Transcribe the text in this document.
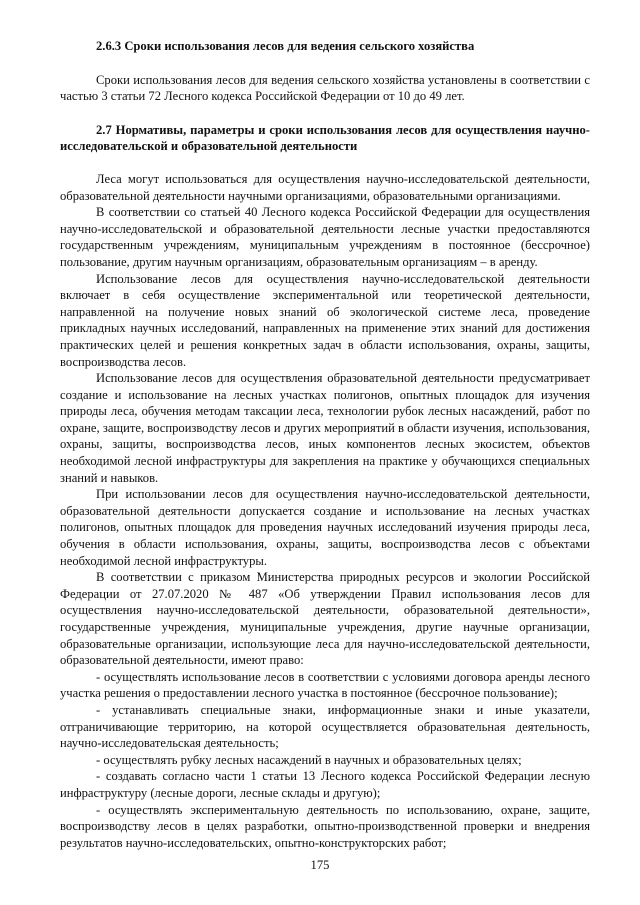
2.6.3 Сроки использования лесов для ведения сельского хозяйства

Сроки использования лесов для ведения сельского хозяйства установлены в соответствии с частью 3 статьи 72 Лесного кодекса Российской Федерации от 10 до 49 лет.

2.7 Нормативы, параметры и сроки использования лесов для осуществления научно-исследовательской и образовательной деятельности

Леса могут использоваться для осуществления научно-исследовательской деятельности, образовательной деятельности научными организациями, образовательными организациями.

В соответствии со статьей 40 Лесного кодекса Российской Федерации для осуществления научно-исследовательской и образовательной деятельности лесные участки предоставляются государственным учреждениям, муниципальным учреждениям в постоянное (бессрочное) пользование, другим научным организациям, образовательным организациям – в аренду.

Использование лесов для осуществления научно-исследовательской деятельности включает в себя осуществление экспериментальной или теоретической деятельности, направленной на получение новых знаний об экологической системе леса, проведение прикладных научных исследований, направленных на применение этих знаний для достижения практических целей и решения конкретных задач в области использования, охраны, защиты, воспроизводства лесов.

Использование лесов для осуществления образовательной деятельности предусматривает создание и использование на лесных участках полигонов, опытных площадок для изучения природы леса, обучения методам таксации леса, технологии рубок лесных насаждений, работ по охране, защите, воспроизводству лесов и других мероприятий в области изучения, использования, охраны, защиты, воспроизводства лесов, иных компонентов лесных экосистем, объектов необходимой лесной инфраструктуры для закрепления на практике у обучающихся специальных знаний и навыков.

При использовании лесов для осуществления научно-исследовательской деятельности, образовательной деятельности допускается создание и использование на лесных участках полигонов, опытных площадок для проведения научных исследований изучения природы леса, обучения в области использования, охраны, защиты, воспроизводства лесов с объектами необходимой лесной инфраструктуры.

В соответствии с приказом Министерства природных ресурсов и экологии Российской Федерации от 27.07.2020 № 487 «Об утверждении Правил использования лесов для осуществления научно-исследовательской деятельности, образовательной деятельности», государственные учреждения, муниципальные учреждения, другие научные организации, образовательные организации, использующие леса для научно-исследовательской деятельности, образовательной деятельности, имеют право:

- осуществлять использование лесов в соответствии с условиями договора аренды лесного участка решения о предоставлении лесного участка в постоянное (бессрочное пользование);

- устанавливать специальные знаки, информационные знаки и иные указатели, отграничивающие территорию, на которой осуществляется образовательная деятельность, научно-исследовательская деятельность;

- осуществлять рубку лесных насаждений в научных и образовательных целях;

- создавать согласно части 1 статьи 13 Лесного кодекса Российской Федерации лесную инфраструктуру (лесные дороги, лесные склады и другую);

- осуществлять экспериментальную деятельность по использованию, охране, защите, воспроизводству лесов в целях разработки, опытно-производственной проверки и внедрения результатов научно-исследовательских, опытно-конструкторских работ;

175
